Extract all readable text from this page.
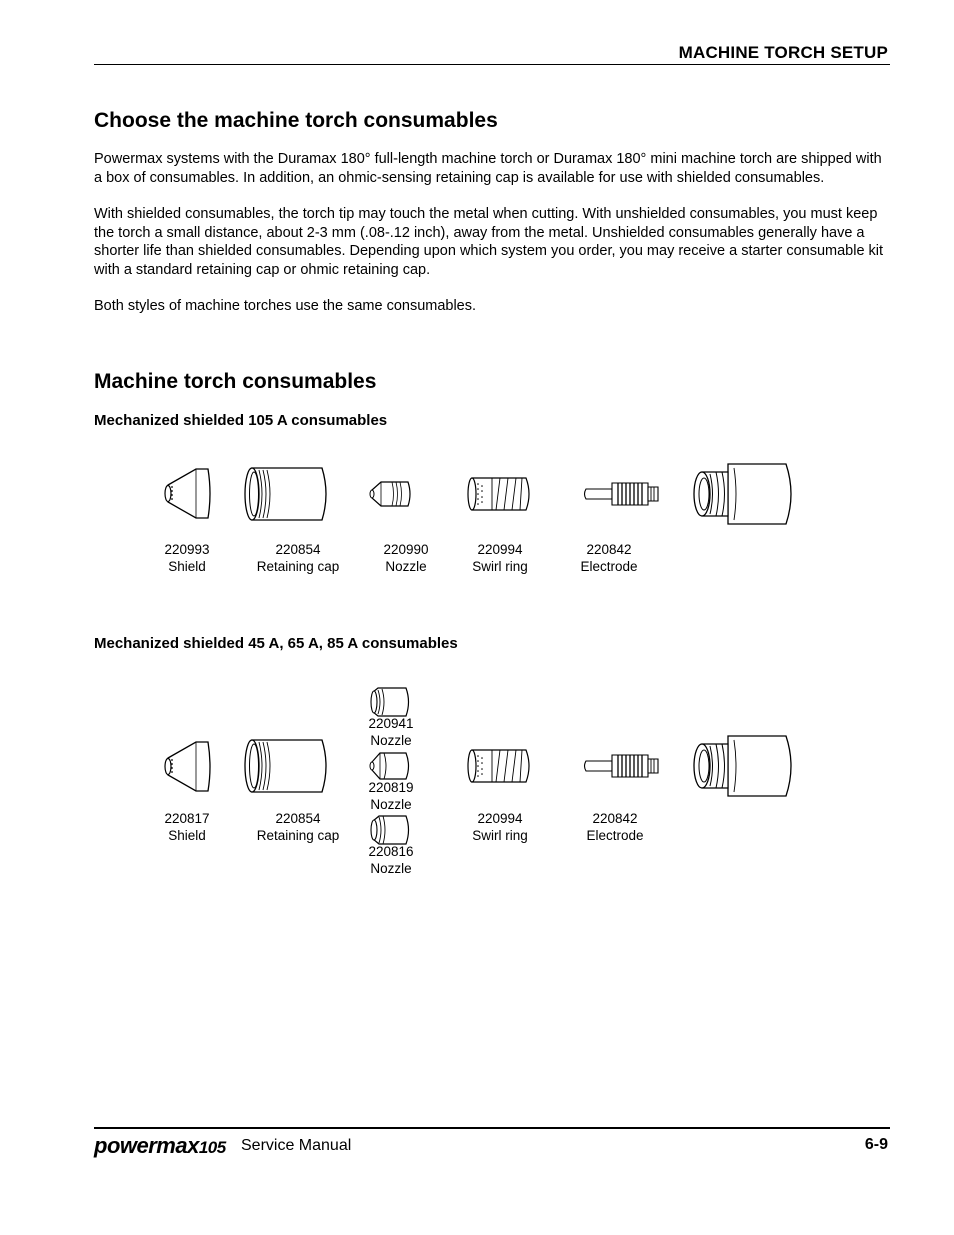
MACHINE TORCH SETUP
Choose the machine torch consumables

Powermax systems with the Duramax 180° full-length machine torch or Duramax 180° mini machine torch are shipped with a box of consumables. In addition, an ohmic-sensing retaining cap is available for use with shielded consumables.

With shielded consumables, the torch tip may touch the metal when cutting. With unshielded consumables, you must keep the torch a small distance, about 2-3 mm (.08-.12 inch), away from the metal. Unshielded consumables generally have a shorter life than shielded consumables. Depending upon which system you order, you may receive a starter consumable kit with a standard retaining cap or ohmic retaining cap.

Both styles of machine torches use the same consumables.

Machine torch consumables
Mechanized shielded 105 A consumables
220993
Shield
220854
Retaining cap
220990
Nozzle
220994
Swirl ring
220842
Electrode
Mechanized shielded 45 A, 65 A, 85 A consumables
220941
Nozzle
220819
Nozzle
220816
Nozzle
220817
Shield
220854
Retaining cap
220994
Swirl ring
220842
Electrode
powermax105 Service Manual	6-9
